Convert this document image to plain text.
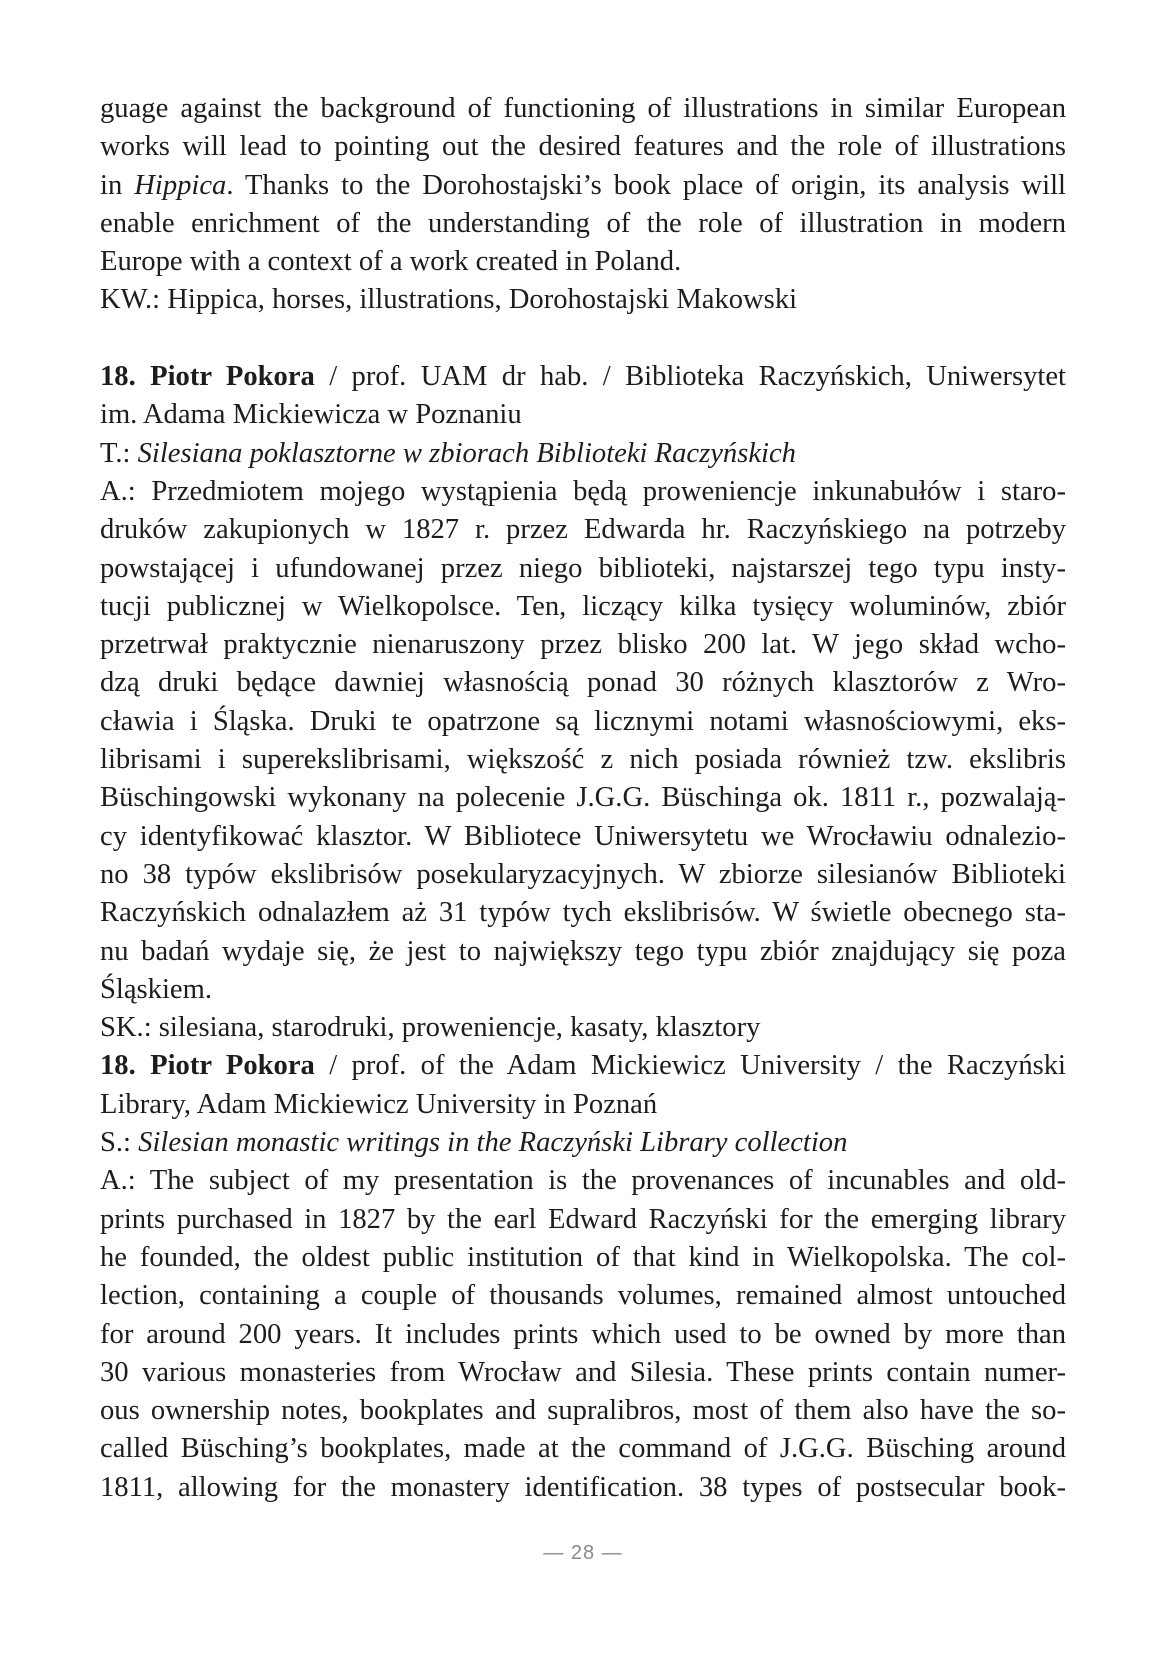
guage against the background of functioning of illustrations in similar European
works will lead to pointing out the desired features and the role of illustrations
in Hippica. Thanks to the Dorohostajski’s book place of origin, its analysis will
enable enrichment of the understanding of the role of illustration in modern
Europe with a context of a work created in Poland.
KW.: Hippica, horses, illustrations, Dorohostajski Makowski
18. Piotr Pokora / prof. UAM dr hab. / Biblioteka Raczyńskich, Uniwersytet
im. Adama Mickiewicza w Poznaniu
T.: Silesiana poklasztorne w zbiorach Biblioteki Raczyńskich
A.: Przedmiotem mojego wystąpienia będą proweniencje inkunabułów i staro-
druków zakupionych w 1827 r. przez Edwarda hr. Raczyńskiego na potrzeby
powstającej i ufundowanej przez niego biblioteki, najstarszej tego typu insty-
tucji publicznej w Wielkopolsce. Ten, liczący kilka tysięcy woluminów, zbiór
przetrwał praktycznie nienaruszony przez blisko 200 lat. W jego skład wcho-
dzą druki będące dawniej własnością ponad 30 różnych klasztorów z Wro-
cławia i Śląska. Druki te opatrzone są licznymi notami własnościowymi, eks-
librisami i superekslibrisami, większość z nich posiada również tzw. ekslibris
Büschingowski wykonany na polecenie J.G.G. Büschinga ok. 1811 r., pozwalają-
cy identyfikować klasztor. W Bibliotece Uniwersytetu we Wrocławiu odnalezio-
no 38 typów ekslibrisów posekularyzacyjnych. W zbiorze silesianów Biblioteki
Raczyńskich odnalazłem aż 31 typów tych ekslibrisów. W świetle obecnego sta-
nu badań wydaje się, że jest to największy tego typu zbiór znajdujący się poza
Śląskiem.
SK.: silesiana, starodruki, proweniencje, kasaty, klasztory
18. Piotr Pokora / prof. of the Adam Mickiewicz University / the Raczyński
Library, Adam Mickiewicz University in Poznań
S.: Silesian monastic writings in the Raczyński Library collection
A.: The subject of my presentation is the provenances of incunables and old-
prints purchased in 1827 by the earl Edward Raczyński for the emerging library
he founded, the oldest public institution of that kind in Wielkopolska. The col-
lection, containing a couple of thousands volumes, remained almost untouched
for around 200 years. It includes prints which used to be owned by more than
30 various monasteries from Wrocław and Silesia. These prints contain numer-
ous ownership notes, bookplates and supralibros, most of them also have the so-
called Büsching’s bookplates, made at the command of J.G.G. Büsching around
1811, allowing for the monastery identification. 38 types of postsecular book-
— 28 —
